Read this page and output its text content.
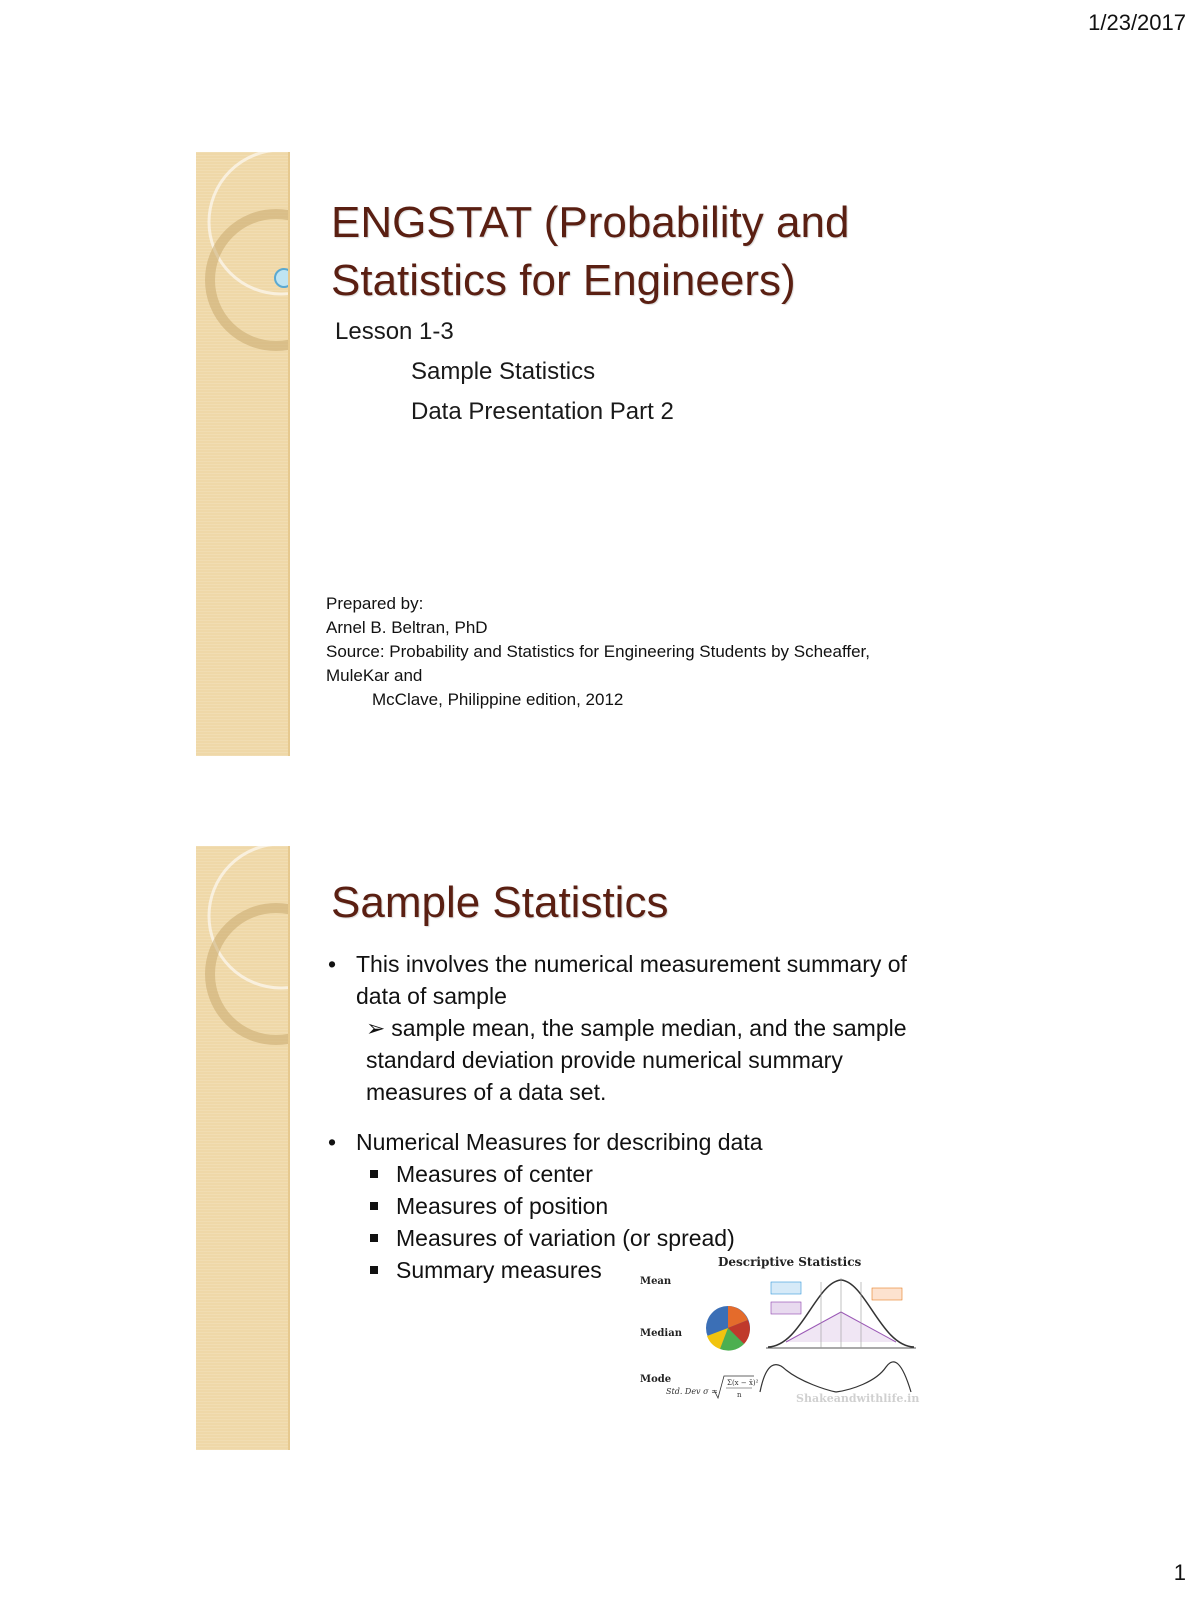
1/23/2017
ENGSTAT (Probability and
Statistics for Engineers)
Lesson 1-3
Sample Statistics
Data Presentation Part 2
Prepared by:
Arnel B. Beltran, PhD
Source: Probability and Statistics for Engineering Students by Scheaffer, MuleKar and
McClave, Philippine edition, 2012
Sample Statistics
• This involves the numerical measurement summary of data of sample
➢ sample mean, the sample median, and the sample standard deviation provide numerical summary measures of a data set.
• Numerical Measures for describing data
Measures of center
Measures of position
Measures of variation (or spread)
Summary measures	Descriptive Statistics
Mean
Median
Mode
Std. Dev σ =
Σ(x − x̄)²
n	Shakeandwithlife.in
1
